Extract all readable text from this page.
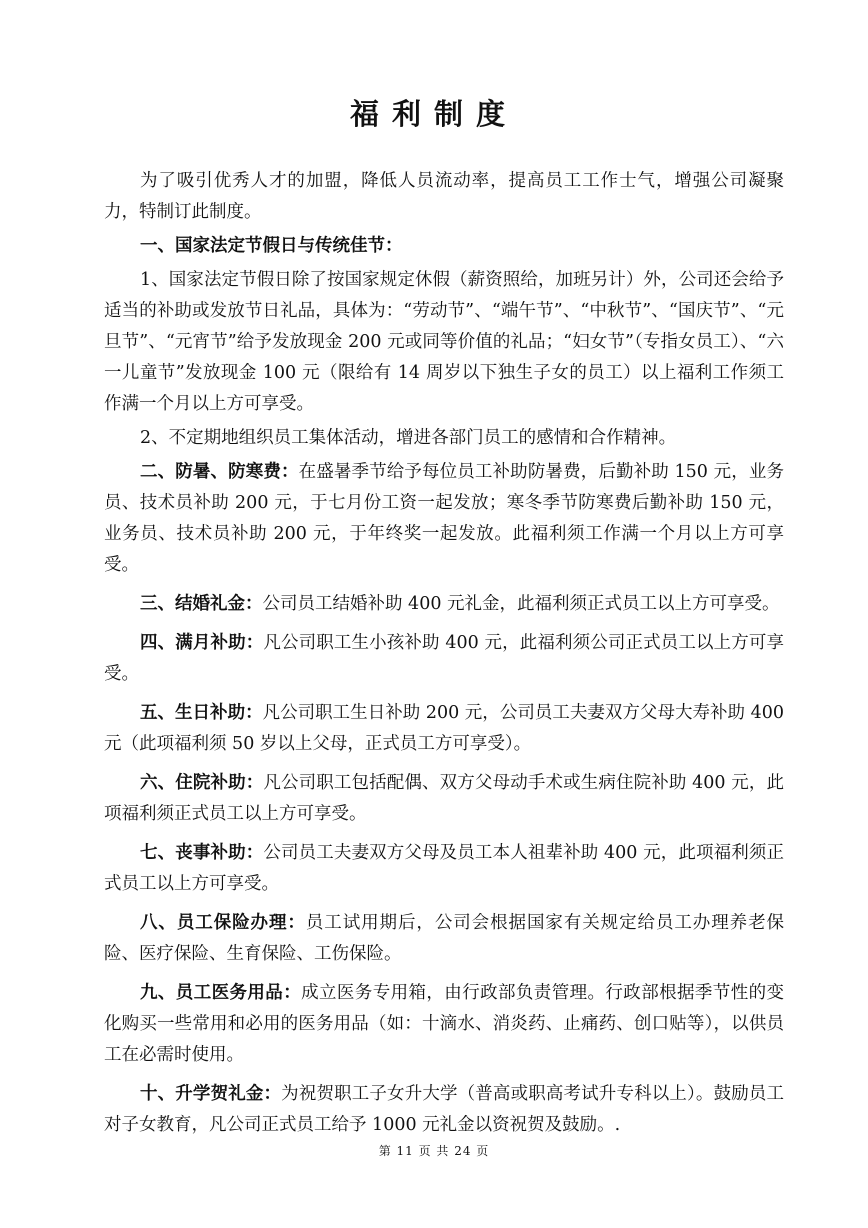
福利制度

为了吸引优秀人才的加盟，降低人员流动率，提高员工工作士气，增强公司凝聚力，特制订此制度。

一、国家法定节假日与传统佳节：

1、国家法定节假日除了按国家规定休假（薪资照给，加班另计）外，公司还会给予适当的补助或发放节日礼品，具体为：“劳动节”、“端午节”、“中秋节”、“国庆节”、“元旦节”、“元宵节”给予发放现金 200 元或同等价值的礼品；“妇女节”（专指女员工）、“六一儿童节”发放现金 100 元（限给有 14 周岁以下独生子女的员工）以上福利工作须工作满一个月以上方可享受。

2、不定期地组织员工集体活动，增进各部门员工的感情和合作精神。

二、防暑、防寒费：在盛暑季节给予每位员工补助防暑费，后勤补助 150 元，业务员、技术员补助 200 元，于七月份工资一起发放；寒冬季节防寒费后勤补助 150 元，业务员、技术员补助 200 元，于年终奖一起发放。此福利须工作满一个月以上方可享受。

三、结婚礼金：公司员工结婚补助 400 元礼金，此福利须正式员工以上方可享受。

四、满月补助：凡公司职工生小孩补助 400 元，此福利须公司正式员工以上方可享受。

五、生日补助：凡公司职工生日补助 200 元，公司员工夫妻双方父母大寿补助 400 元（此项福利须 50 岁以上父母，正式员工方可享受）。

六、住院补助：凡公司职工包括配偶、双方父母动手术或生病住院补助 400 元，此项福利须正式员工以上方可享受。

七、丧事补助：公司员工夫妻双方父母及员工本人祖辈补助 400 元，此项福利须正式员工以上方可享受。

八、员工保险办理：员工试用期后，公司会根据国家有关规定给员工办理养老保险、医疗保险、生育保险、工伤保险。

九、员工医务用品：成立医务专用箱，由行政部负责管理。行政部根据季节性的变化购买一些常用和必用的医务用品（如：十滴水、消炎药、止痛药、创口贴等），以供员工在必需时使用。

十、升学贺礼金：为祝贺职工子女升大学（普高或职高考试升专科以上）。鼓励员工对子女教育，凡公司正式员工给予 1000 元礼金以资祝贺及鼓励。.

第 11 页 共 24 页
